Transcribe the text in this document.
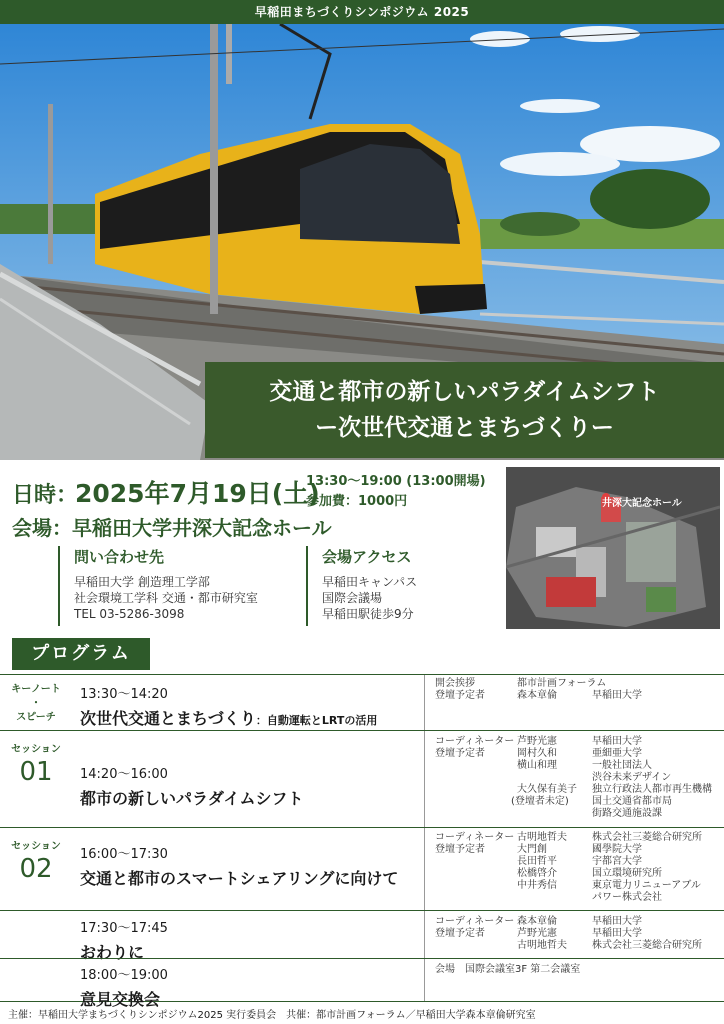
早稲田まちづくりシンポジウム 2025
交通と都市の新しいパラダイムシフト
ー次世代交通とまちづくりー
日時：
2025年7月19日(土)
13:30～19:00 (13:00開場)
参加費：1000円
会場： 早稲田大学井深大記念ホール
問い合わせ先
早稲田大学 創造理工学部
社会環境工学科 交通・都市研究室
TEL 03-5286-3098
会場アクセス
早稲田キャンパス
国際会議場
早稲田駅徒歩9分
井深大記念ホール
プログラム
キーノート
・
スピーチ
13:30～14:20
次世代交通とまちづくり：自動運転とLRTの活用
開会挨拶	都市計画フォーラム
登壇予定者	森本章倫	早稲田大学
セッション
01	14:20～16:00
都市の新しいパラダイムシフト
コーディネーター 芦野光憲	早稲田大学
登壇予定者	岡村久和	亜細亜大学
横山和理	一般社団法人
渋谷未来デザイン
大久保有美子 独立行政法人都市再生機構
(登壇者未定) 国土交通省都市局
街路交通施設課
セッション
02	16:00～17:30
交通と都市のスマートシェアリングに向けて
コーディネーター 古明地哲夫	株式会社三菱総合研究所
登壇予定者	大門創	國學院大学
長田哲平	宇都宮大学
松橋啓介	国立環境研究所
中井秀信	東京電力リニューアブル
パワー株式会社
17:30～17:45
おわりに
コーディネーター 森本章倫	早稲田大学
登壇予定者	芦野光憲	早稲田大学
古明地哲夫	株式会社三菱総合研究所
18:00～19:00
意見交換会
会場　国際会議室3F 第二会議室
主催：早稲田大学まちづくりシンポジウム2025 実行委員会　共催：都市計画フォーラム／早稲田大学森本章倫研究室
